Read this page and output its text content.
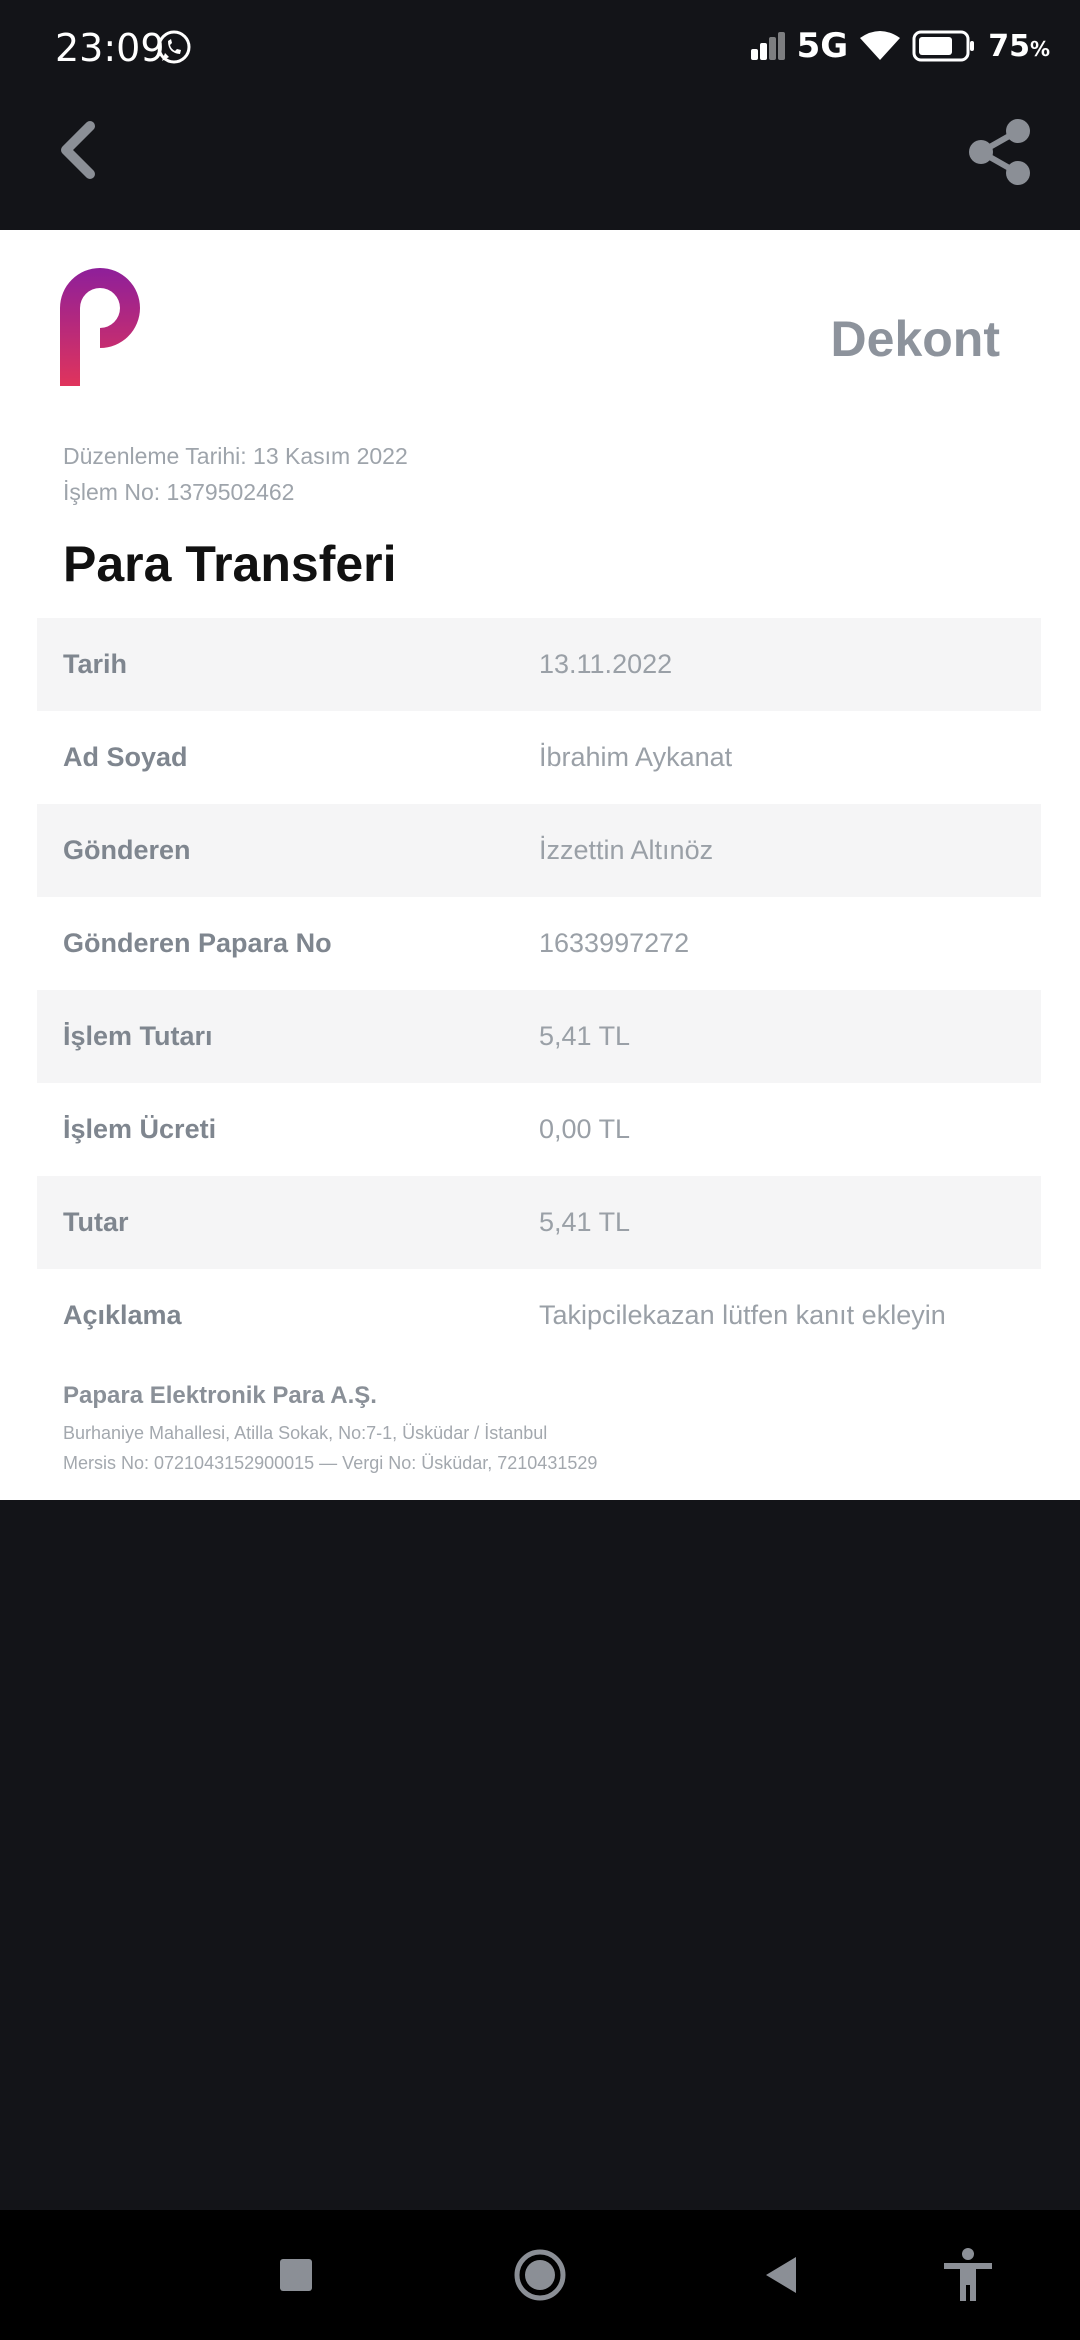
23:09	5G	75%
Dekont
Düzenleme Tarihi: 13 Kasım 2022
İşlem No: 1379502462
Para Transferi
Tarih	13.11.2022
Ad Soyad	İbrahim Aykanat
Gönderen	İzzettin Altınöz
Gönderen Papara No	1633997272
İşlem Tutarı	5,41 TL
İşlem Ücreti	0,00 TL
Tutar	5,41 TL
Açıklama	Takipcilekazan lütfen kanıt ekleyin
Papara Elektronik Para A.Ş.
Burhaniye Mahallesi, Atilla Sokak, No:7-1, Üsküdar / İstanbul
Mersis No: 0721043152900015 — Vergi No: Üsküdar, 7210431529
